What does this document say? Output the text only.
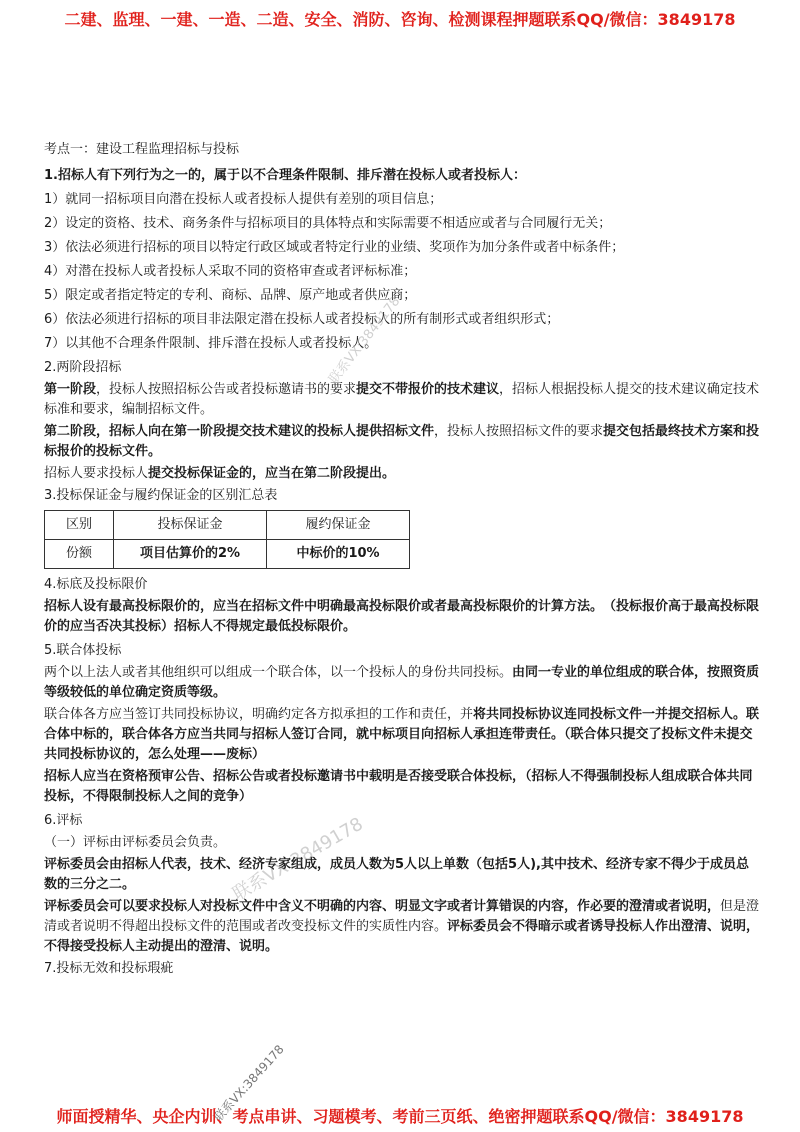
二建、监理、一建、一造、二造、安全、消防、咨询、检测课程押题联系QQ/微信：3849178
考点一：建设工程监理招标与投标
1.招标人有下列行为之一的，属于以不合理条件限制、排斥潜在投标人或者投标人：
1）就同一招标项目向潜在投标人或者投标人提供有差别的项目信息；
2）设定的资格、技术、商务条件与招标项目的具体特点和实际需要不相适应或者与合同履行无关；
3）依法必须进行招标的项目以特定行政区域或者特定行业的业绩、奖项作为加分条件或者中标条件；
4）对潜在投标人或者投标人采取不同的资格审查或者评标标准；
5）限定或者指定特定的专利、商标、品牌、原产地或者供应商；
6）依法必须进行招标的项目非法限定潜在投标人或者投标人的所有制形式或者组织形式；
7）以其他不合理条件限制、排斥潜在投标人或者投标人。
2.两阶段招标
第一阶段，投标人按照招标公告或者投标邀请书的要求提交不带报价的技术建议，招标人根据投标人提交的技术建议确定技术标准和要求，编制招标文件。
第二阶段，招标人向在第一阶段提交技术建议的投标人提供招标文件，投标人按照招标文件的要求提交包括最终技术方案和投标报价的投标文件。
招标人要求投标人提交投标保证金的，应当在第二阶段提出。
3.投标保证金与履约保证金的区别汇总表
区别	投标保证金	履约保证金
份额	项目估算价的2%	中标价的10%
4.标底及投标限价
招标人设有最高投标限价的，应当在招标文件中明确最高投标限价或者最高投标限价的计算方法。　（投标报价高于最高投标限价的应当否决其投标）招标人不得规定最低投标限价。
5.联合体投标
两个以上法人或者其他组织可以组成一个联合体，以一个投标人的身份共同投标。由同一专业的单位组成的联合体，按照资质等级较低的单位确定资质等级。
联合体各方应当签订共同投标协议，明确约定各方拟承担的工作和责任，并将共同投标协议连同投标文件一并提交招标人。联合体中标的，联合体各方应当共同与招标人签订合同，就中标项目向招标人承担连带责任。（联合体只提交了投标文件未提交共同投标协议的，怎么处理——废标）
招标人应当在资格预审公告、招标公告或者投标邀请书中载明是否接受联合体投标，（招标人不得强制投标人组成联合体共同投标，不得限制投标人之间的竞争）
6.评标
（一）评标由评标委员会负责。
评标委员会由招标人代表，技术、经济专家组成，成员人数为5人以上单数（包括5人),其中技术、经济专家不得少于成员总数的三分之二。
评标委员会可以要求投标人对投标文件中含义不明确的内容、明显文字或者计算错误的内容，作必要的澄清或者说明，但是澄清或者说明不得超出投标文件的范围或者改变投标文件的实质性内容。评标委员会不得暗示或者诱导投标人作出澄清、说明，不得接受投标人主动提出的澄清、说明。
7.投标无效和投标瑕疵
联系VX:3849178
联系VX:3849178
联系VX:3849178
师面授精华、央企内训、考点串讲、习题模考、考前三页纸、绝密押题联系QQ/微信：3849178
